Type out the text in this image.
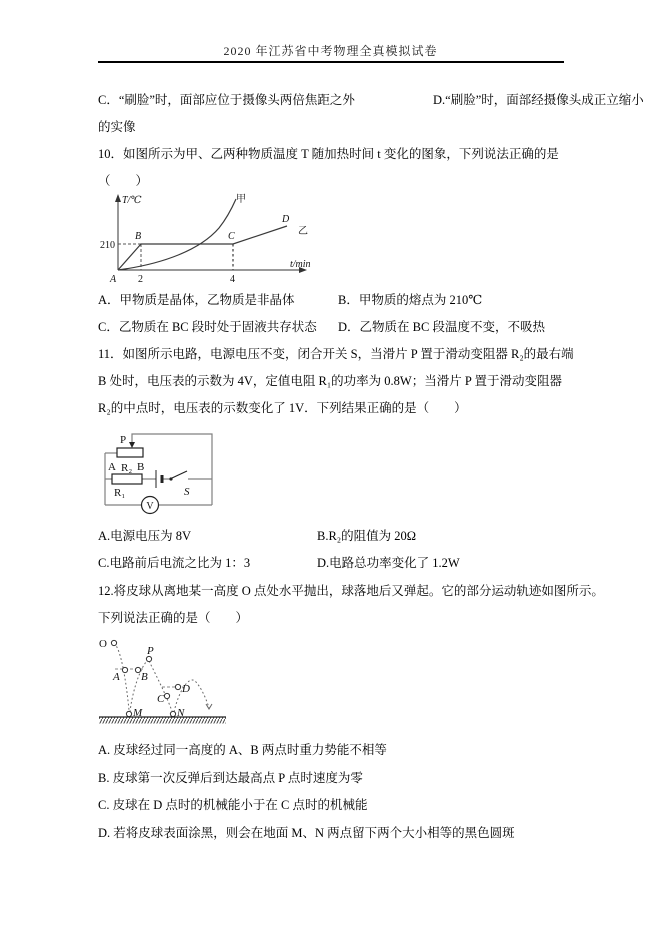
2020 年江苏省中考物理全真模拟试卷
C．“刷脸”时，面部应位于摄像头两倍焦距之外	D.“刷脸”时，面部经摄像头成正立缩小
的实像
10．如图所示为甲、乙两种物质温度 T 随加热时间 t 变化的图象，下列说法正确的是
（　　）
T/℃
t/min
210
A 2	4
B	C
D
甲
乙
A．甲物质是晶体，乙物质是非晶体	B．甲物质的熔点为 210℃
C．乙物质在 BC 段时处于固液共存状态 D．乙物质在 BC 段温度不变，不吸热
11．如图所示电路，电源电压不变，闭合开关 S，当滑片 P 置于滑动变阻器 R₂的最右端
B 处时，电压表的示数为 4V，定值电阻 R₁的功率为 0.8W；当滑片 P 置于滑动变阻器
R₂的中点时，电压表的示数变化了 1V．下列结果正确的是（　　）
V
P
A R₂ B
R₁	S
A.电源电压为 8V	B.R₂的阻值为 20Ω
C.电路前后电流之比为 1：3	D.电路总功率变化了 1.2W
12.将皮球从离地某一高度 O 点处水平抛出，球落地后又弹起。它的部分运动轨迹如图所示。
下列说法正确的是（　　）
O
A B
P
C
D
M	N
A. 皮球经过同一高度的 A、B 两点时重力势能不相等
B. 皮球第一次反弹后到达最高点 P 点时速度为零
C. 皮球在 D 点时的机械能小于在 C 点时的机械能
D. 若将皮球表面涂黑，则会在地面 M、N 两点留下两个大小相等的黑色圆斑
